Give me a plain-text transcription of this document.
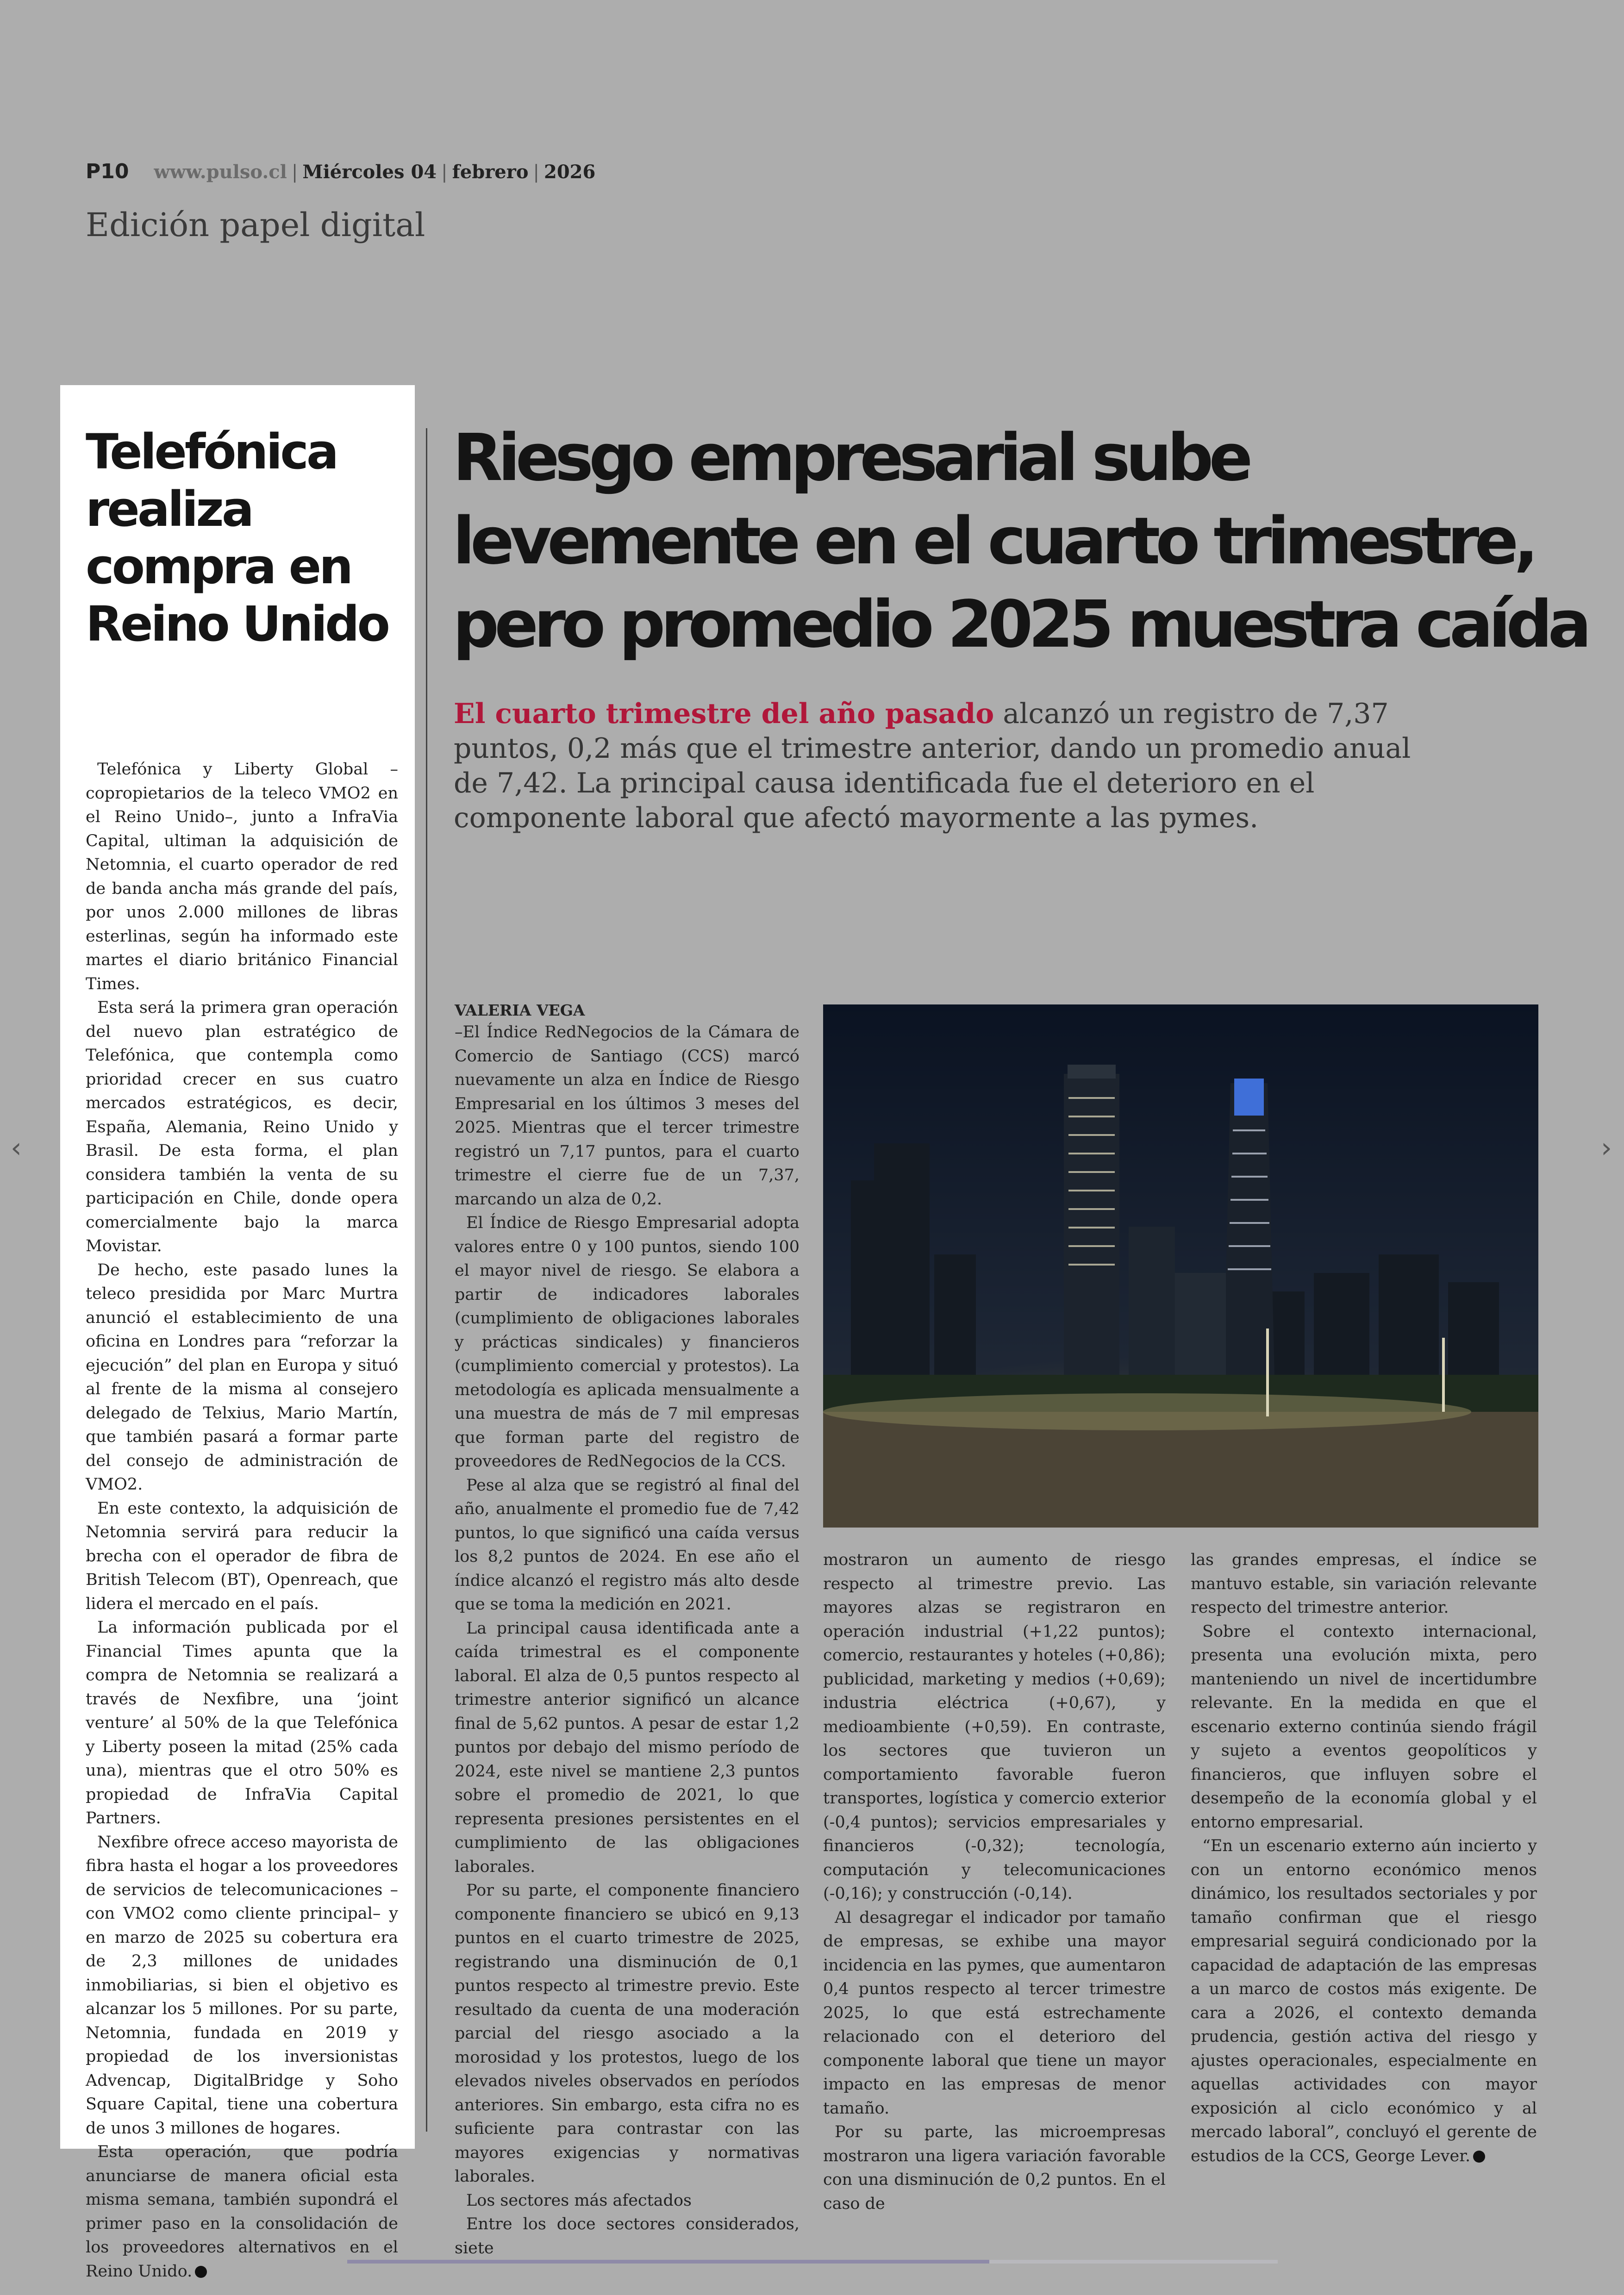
P10 www.pulso.cl | Miércoles 04 | febrero | 2026
Edición papel digital
Telefónica realiza compra en Reino Unido

Telefónica y Liberty Global –copropietarios de la teleco VMO2 en el Reino Unido–, junto a InfraVia Capital, ultiman la adquisición de Netomnia, el cuarto operador de red de banda ancha más grande del país, por unos 2.000 millones de libras esterlinas, según ha informado este martes el diario británico Financial Times.

Esta será la primera gran operación del nuevo plan estratégico de Telefónica, que contempla como prioridad crecer en sus cuatro mercados estratégicos, es decir, España, Alemania, Reino Unido y Brasil. De esta forma, el plan considera también la venta de su participación en Chile, donde opera comercialmente bajo la marca Movistar.

De hecho, este pasado lunes la teleco presidida por Marc Murtra anunció el establecimiento de una oficina en Londres para “reforzar la ejecución” del plan en Europa y situó al frente de la misma al consejero delegado de Telxius, Mario Martín, que también pasará a formar parte del consejo de administración de VMO2.

En este contexto, la adquisición de Netomnia servirá para reducir la brecha con el operador de fibra de British Telecom (BT), Openreach, que lidera el mercado en el país.

La información publicada por el Financial Times apunta que la compra de Netomnia se realizará a través de Nexfibre, una ‘joint venture’ al 50% de la que Telefónica y Liberty poseen la mitad (25% cada una), mientras que el otro 50% es propiedad de InfraVia Capital Partners.

Nexfibre ofrece acceso mayorista de fibra hasta el hogar a los proveedores de servicios de telecomunicaciones –con VMO2 como cliente principal– y en marzo de 2025 su cobertura era de 2,3 millones de unidades inmobiliarias, si bien el objetivo es alcanzar los 5 millones. Por su parte, Netomnia, fundada en 2019 y propiedad de los inversionistas Advencap, DigitalBridge y Soho Square Capital, tiene una cobertura de unos 3 millones de hogares.

Esta operación, que podría anunciarse de manera oficial esta misma semana, también supondrá el primer paso en la consolidación de los proveedores alternativos en el Reino Unido.

Riesgo empresarial sube
levemente en el cuarto trimestre,
pero promedio 2025 muestra caída

El cuarto trimestre del año pasado alcanzó un registro de 7,37 puntos, 0,2 más que el trimestre anterior, dando un promedio anual de 7,42. La principal causa identificada fue el deterioro en el componente laboral que afectó mayormente a las pymes.

VALERIA VEGA

–El Índice RedNegocios de la Cámara de Comercio de Santiago (CCS) marcó nuevamente un alza en Índice de Riesgo Empresarial en los últimos 3 meses del 2025. Mientras que el tercer trimestre registró un 7,17 puntos, para el cuarto trimestre el cierre fue de un 7,37, marcando un alza de 0,2.

El Índice de Riesgo Empresarial adopta valores entre 0 y 100 puntos, siendo 100 el mayor nivel de riesgo. Se elabora a partir de indicadores laborales (cumplimiento de obligaciones laborales y prácticas sindicales) y financieros (cumplimiento comercial y protestos). La metodología es aplicada mensualmente a una muestra de más de 7 mil empresas que forman parte del registro de proveedores de RedNegocios de la CCS.

Pese al alza que se registró al final del año, anualmente el promedio fue de 7,42 puntos, lo que significó una caída versus los 8,2 puntos de 2024. En ese año el índice alcanzó el registro más alto desde que se toma la medición en 2021.

La principal causa identificada ante a caída trimestral es el componente laboral. El alza de 0,5 puntos respecto al trimestre anterior significó un alcance final de 5,62 puntos. A pesar de estar 1,2 puntos por debajo del mismo período de 2024, este nivel se mantiene 2,3 puntos sobre el promedio de 2021, lo que representa presiones persistentes en el cumplimiento de las obligaciones laborales.

Por su parte, el componente financiero componente financiero se ubicó en 9,13 puntos en el cuarto trimestre de 2025, registrando una disminución de 0,1 puntos respecto al trimestre previo. Este resultado da cuenta de una moderación parcial del riesgo asociado a la morosidad y los protestos, luego de los elevados niveles observados en períodos anteriores. Sin embargo, esta cifra no es suficiente para contrastar con las mayores exigencias y normativas laborales.

Los sectores más afectados

Entre los doce sectores considerados, siete

mostraron un aumento de riesgo respecto al trimestre previo. Las mayores alzas se registraron en operación industrial (+1,22 puntos); comercio, restaurantes y hoteles (+0,86); publicidad, marketing y medios (+0,69); industria eléctrica (+0,67), y medioambiente (+0,59). En contraste, los sectores que tuvieron un comportamiento favorable fueron transportes, logística y comercio exterior (-0,4 puntos); servicios empresariales y financieros (-0,32); tecnología, computación y telecomunicaciones (-0,16); y construcción (-0,14).

Al desagregar el indicador por tamaño de empresas, se exhibe una mayor incidencia en las pymes, que aumentaron 0,4 puntos respecto al tercer trimestre 2025, lo que está estrechamente relacionado con el deterioro del componente laboral que tiene un mayor impacto en las empresas de menor tamaño.

Por su parte, las microempresas mostraron una ligera variación favorable con una disminución de 0,2 puntos. En el caso de

las grandes empresas, el índice se mantuvo estable, sin variación relevante respecto del trimestre anterior.

Sobre el contexto internacional, presenta una evolución mixta, pero manteniendo un nivel de incertidumbre relevante. En la medida en que el escenario externo continúa siendo frágil y sujeto a eventos geopolíticos y financieros, que influyen sobre el desempeño de la economía global y el entorno empresarial.

“En un escenario externo aún incierto y con un entorno económico menos dinámico, los resultados sectoriales y por tamaño confirman que el riesgo empresarial seguirá condicionado por la capacidad de adaptación de las empresas a un marco de costos más exigente. De cara a 2026, el contexto demanda prudencia, gestión activa del riesgo y ajustes operacionales, especialmente en aquellas actividades con mayor exposición al ciclo económico y al mercado laboral”, concluyó el gerente de estudios de la CCS, George Lever.

‹	›
